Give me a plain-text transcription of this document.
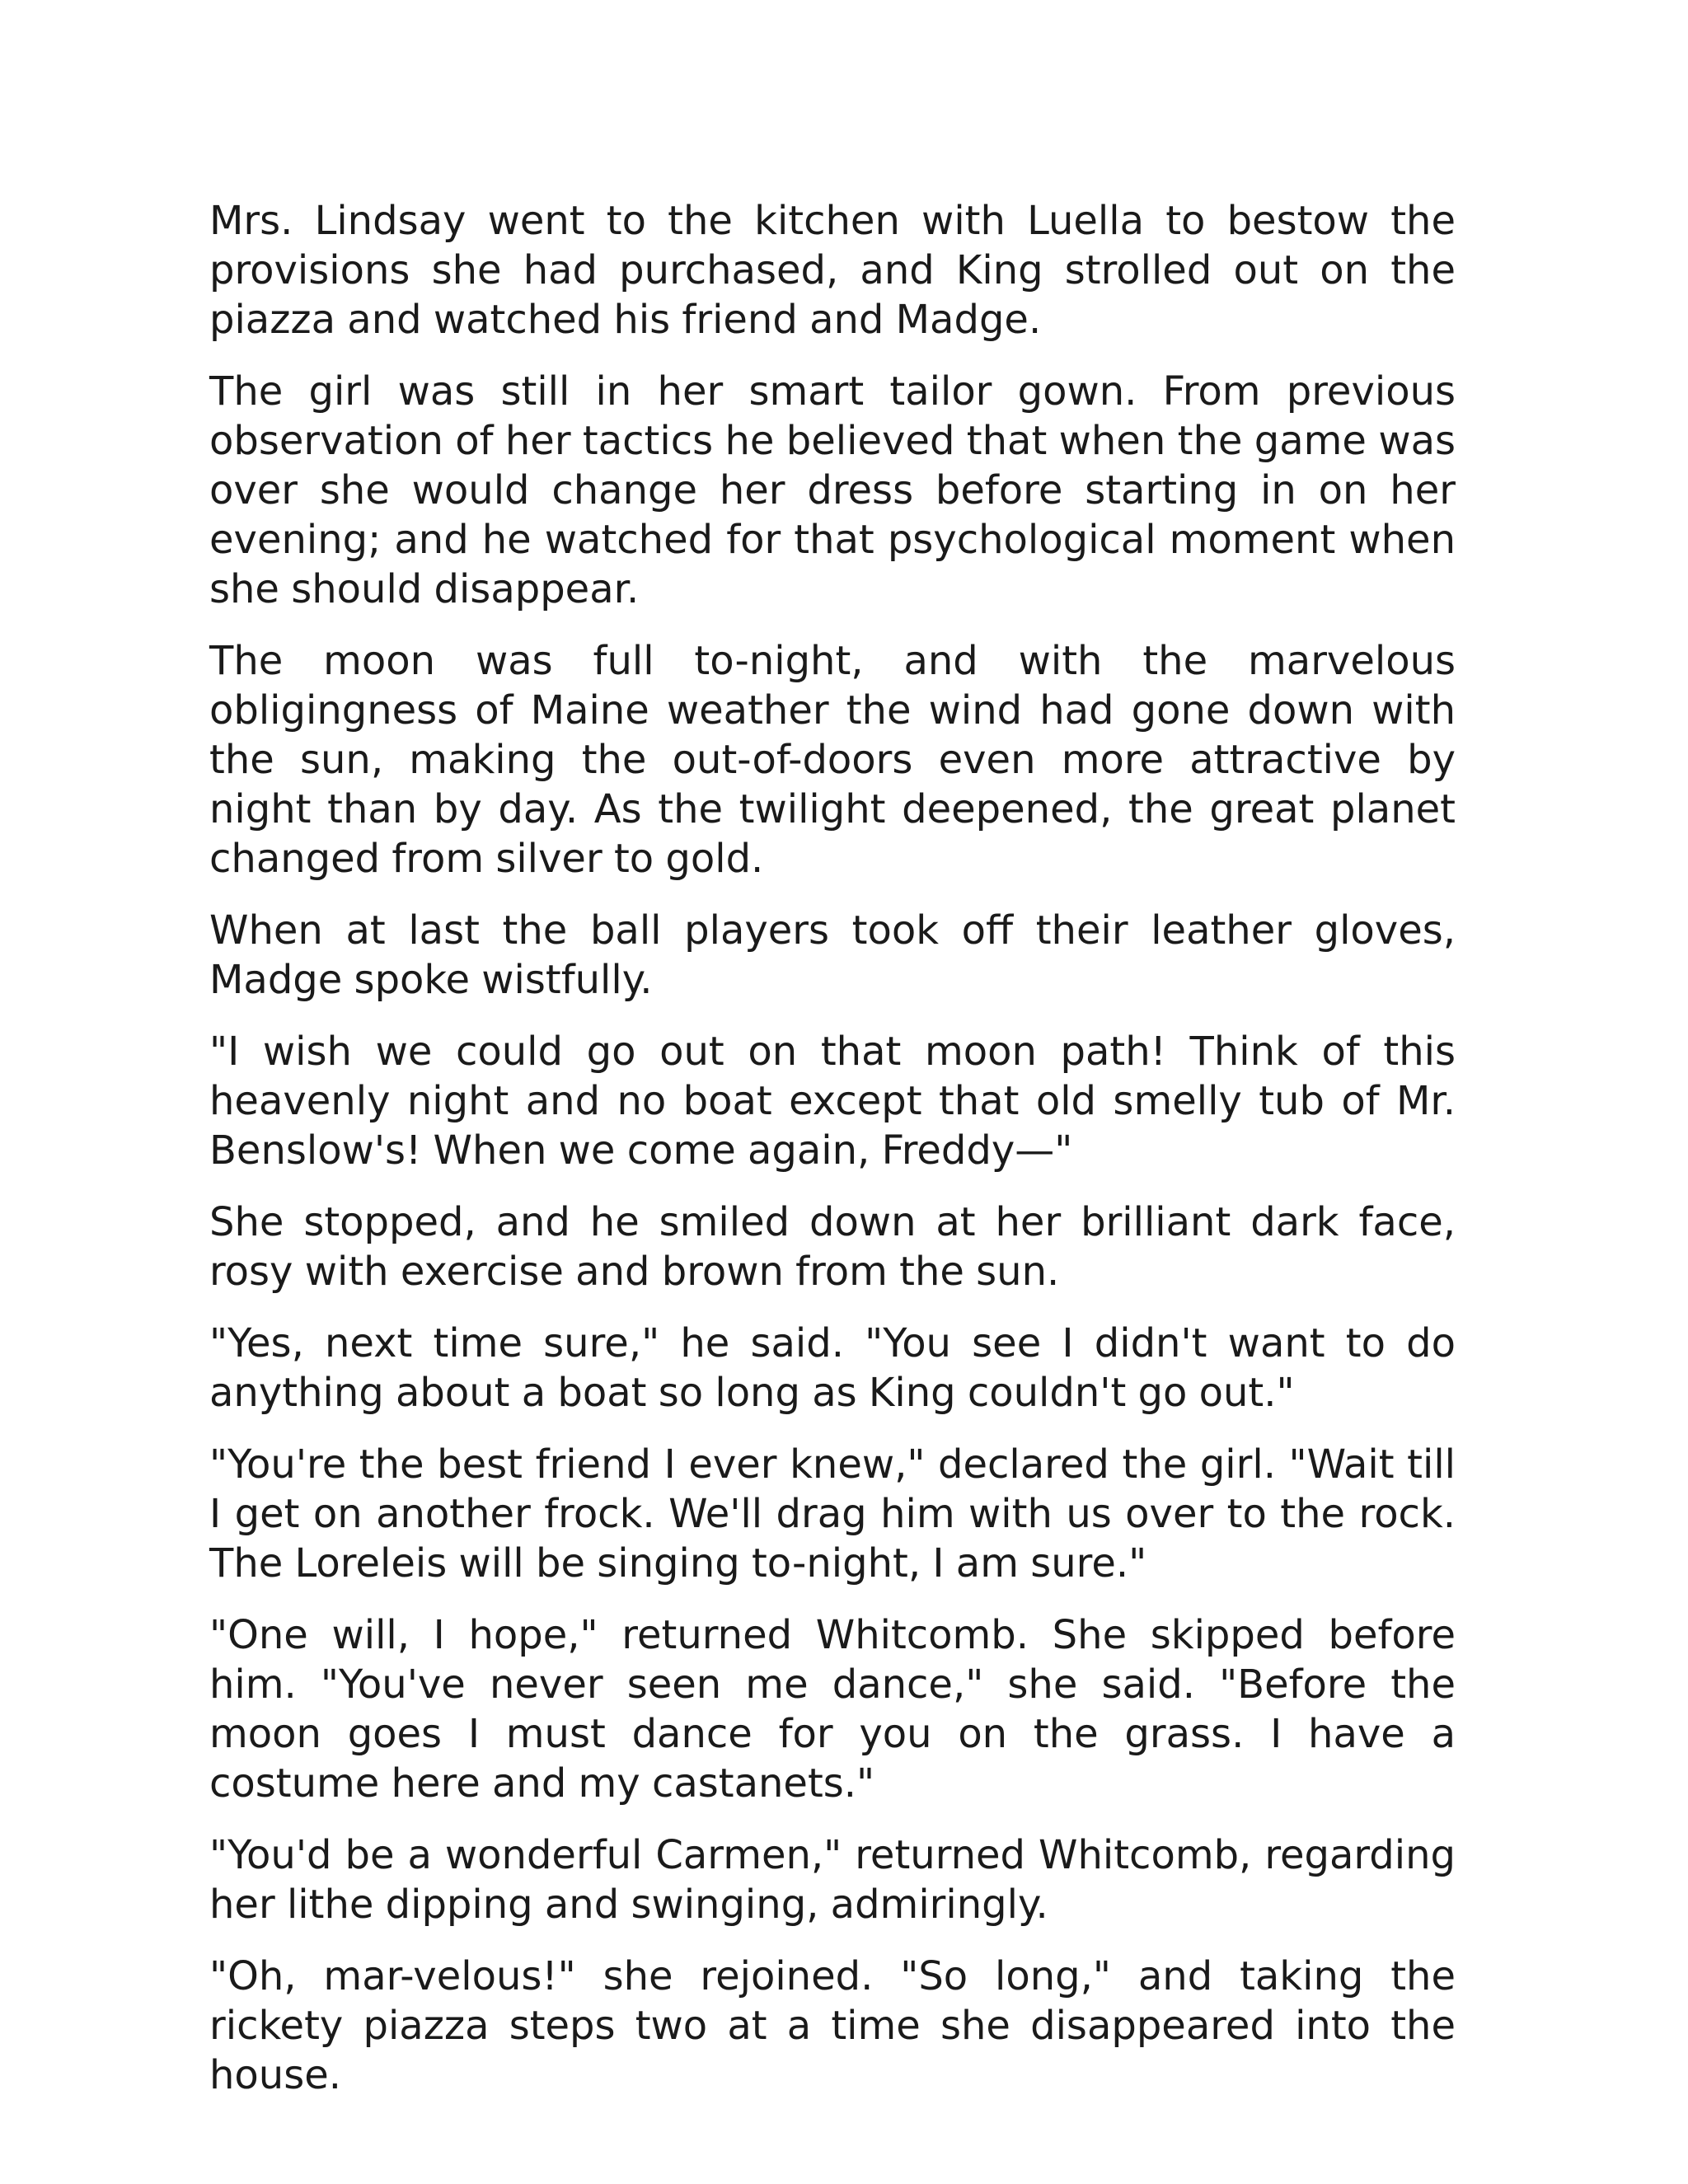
Mrs. Lindsay went to the kitchen with Luella to bestow the provisions she had purchased, and King strolled out on the piazza and watched his friend and Madge.

The girl was still in her smart tailor gown. From previous observation of her tactics he believed that when the game was over she would change her dress before starting in on her evening; and he watched for that psychological moment when she should disappear.

The moon was full to-night, and with the marvelous obligingness of Maine weather the wind had gone down with the sun, making the out-of-doors even more attractive by night than by day. As the twilight deepened, the great planet changed from silver to gold.

When at last the ball players took off their leather gloves, Madge spoke wistfully.

"I wish we could go out on that moon path! Think of this heavenly night and no boat except that old smelly tub of Mr. Benslow's! When we come again, Freddy—"

She stopped, and he smiled down at her brilliant dark face, rosy with exercise and brown from the sun.

"Yes, next time sure," he said. "You see I didn't want to do anything about a boat so long as King couldn't go out."

"You're the best friend I ever knew," declared the girl. "Wait till I get on another frock. We'll drag him with us over to the rock. The Loreleis will be singing to-night, I am sure."

"One will, I hope," returned Whitcomb. She skipped before him. "You've never seen me dance," she said. "Before the moon goes I must dance for you on the grass. I have a costume here and my castanets."

"You'd be a wonderful Carmen," returned Whitcomb, regarding her lithe dipping and swinging, admiringly.

"Oh, mar-velous!" she rejoined. "So long," and taking the rickety piazza steps two at a time she disappeared into the house.
